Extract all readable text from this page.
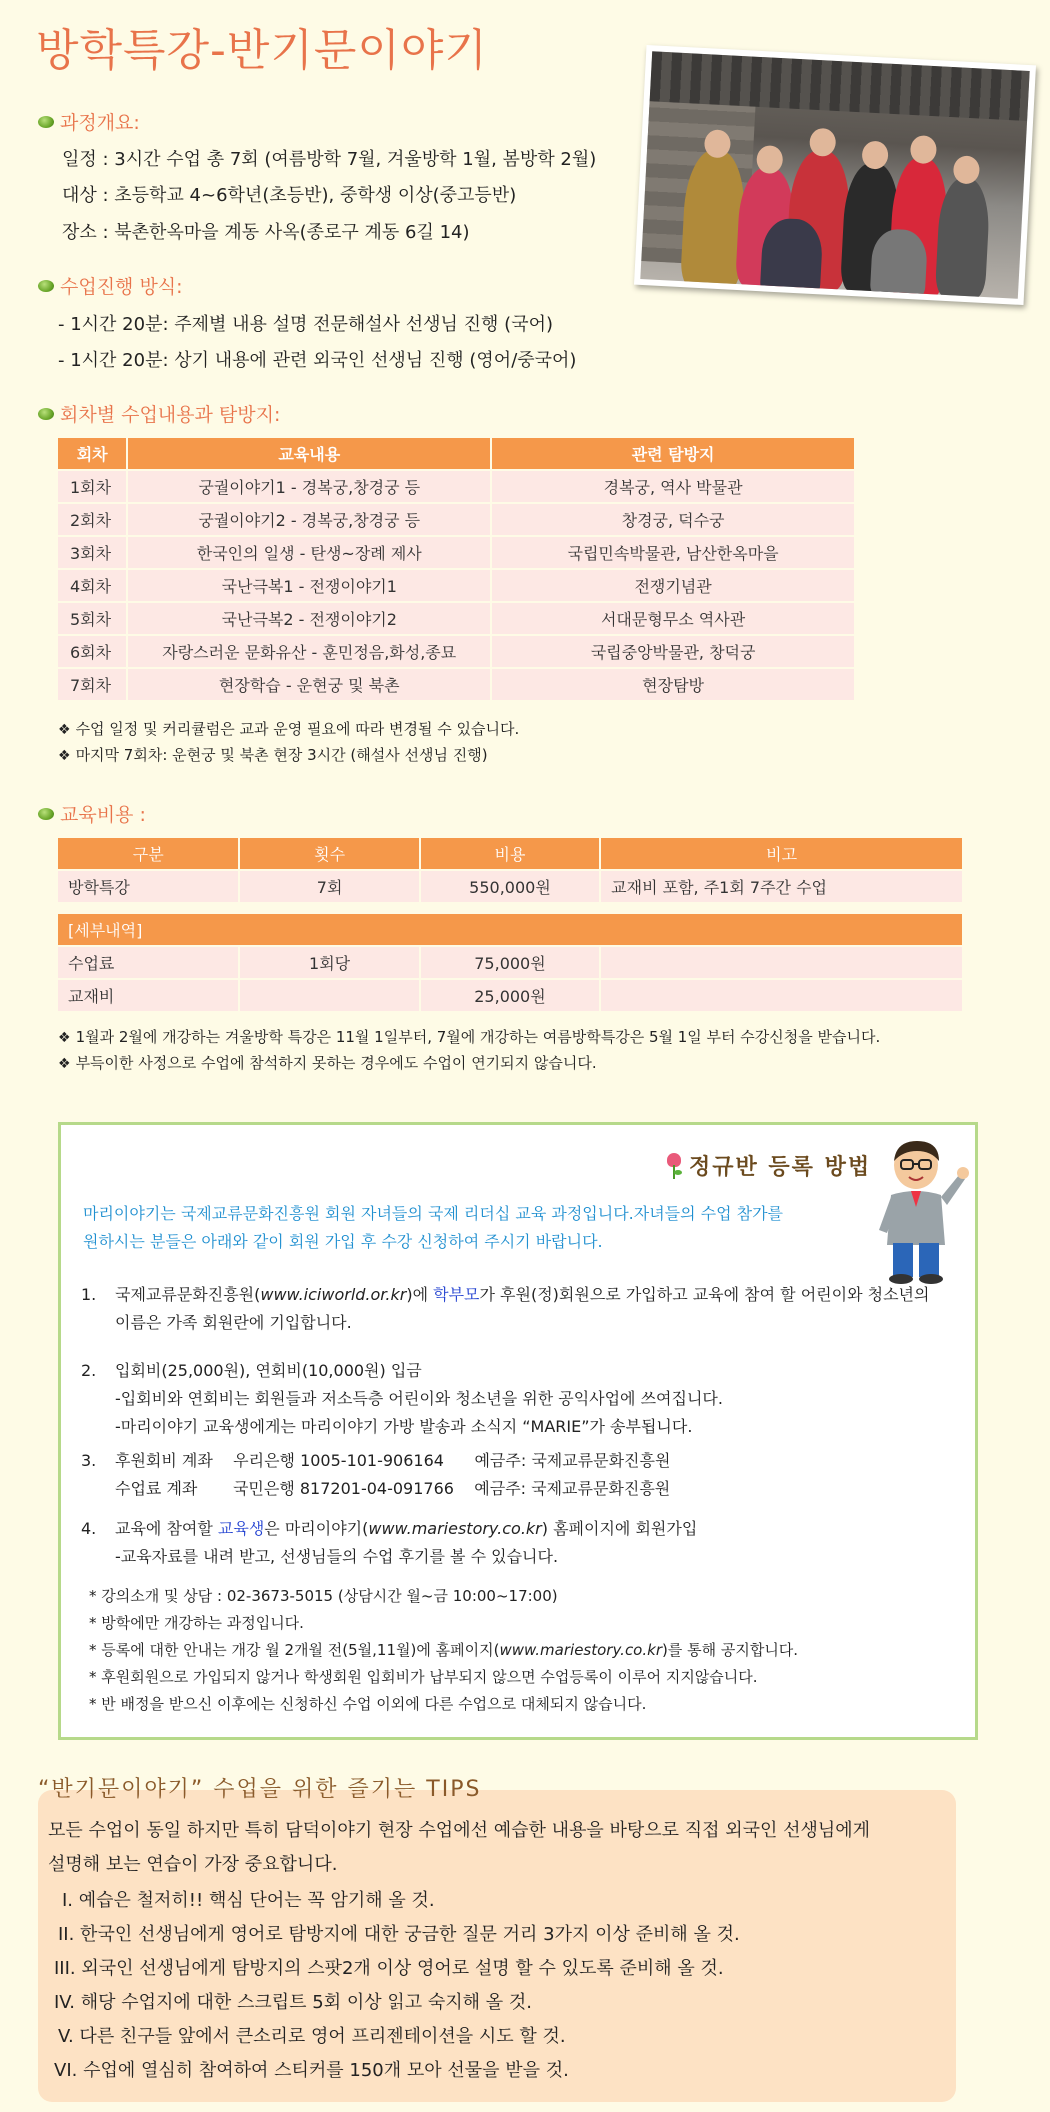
방학특강-반기문이야기
과정개요:
일정 : 3시간 수업 총 7회 (여름방학 7월, 겨울방학 1월, 봄방학 2월)
대상 : 초등학교 4~6학년(초등반), 중학생 이상(중고등반)
장소 : 북촌한옥마을 계동 사옥(종로구 계동 6길 14)
수업진행 방식:
- 1시간 20분: 주제별 내용 설명 전문해설사 선생님 진행 (국어)
- 1시간 20분: 상기 내용에 관련 외국인 선생님 진행 (영어/중국어)
회차별 수업내용과 탐방지:
회차	교육내용	관련 탐방지
1회차	궁궐이야기1 - 경복궁,창경궁 등	경복궁, 역사 박물관
2회차	궁궐이야기2 - 경복궁,창경궁 등	창경궁, 덕수궁
3회차	한국인의 일생 - 탄생~장례 제사	국립민속박물관, 남산한옥마을
4회차	국난극복1 - 전쟁이야기1	전쟁기념관
5회차	국난극복2 - 전쟁이야기2	서대문형무소 역사관
6회차	자랑스러운 문화유산 - 훈민정음,화성,종묘	국립중앙박물관, 창덕궁
7회차	현장학습 - 운현궁 및 북촌	현장탐방
❖ 수업 일정 및 커리큘럼은 교과 운영 필요에 따라 변경될 수 있습니다.
❖ 마지막 7회차: 운현궁 및 북촌 현장 3시간 (해설사 선생님 진행)
교육비용 :
구분	횟수	비용	비고
방학특강	7회	550,000원	교재비 포함, 주1회 7주간 수업

[세부내역]			
수업료	1회당	75,000원	
교재비		25,000원	
❖ 1월과 2월에 개강하는 겨울방학 특강은 11월 1일부터, 7월에 개강하는 여름방학특강은 5월 1일 부터 수강신청을 받습니다.
❖ 부득이한 사정으로 수업에 참석하지 못하는 경우에도 수업이 연기되지 않습니다.
정규반 등록 방법
마리이야기는 국제교류문화진흥원 회원 자녀들의 국제 리더십 교육 과정입니다.자녀들의 수업 참가를
원하시는 분들은 아래와 같이 회원 가입 후 수강 신청하여 주시기 바랍니다.
1. 국제교류문화진흥원(www.iciworld.or.kr)에 학부모가 후원(정)회원으로 가입하고 교육에 참여 할 어린이와 청소년의
이름은 가족 회원란에 기입합니다.
2. 입회비(25,000원), 연회비(10,000원) 입금
-입회비와 연회비는 회원들과 저소득층 어린이와 청소년을 위한 공익사업에 쓰여집니다.
-마리이야기 교육생에게는 마리이야기 가방 발송과 소식지 “MARIE”가 송부됩니다.
3. 후원회비 계좌    우리은행 1005-101-906164      예금주: 국제교류문화진흥원
수업료 계좌       국민은행 817201-04-091766    예금주: 국제교류문화진흥원
4. 교육에 참여할 교육생은 마리이야기(www.mariestory.co.kr) 홈페이지에 회원가입
-교육자료를 내려 받고, 선생님들의 수업 후기를 볼 수 있습니다.
* 강의소개 및 상담 : 02-3673-5015 (상담시간 월~금 10:00~17:00)
* 방학에만 개강하는 과정입니다.
* 등록에 대한 안내는 개강 월 2개월 전(5월,11월)에 홈페이지(www.mariestory.co.kr)를 통해 공지합니다.
* 후원회원으로 가입되지 않거나 학생회원 입회비가 납부되지 않으면 수업등록이 이루어 지지않습니다.
* 반 배정을 받으신 이후에는 신청하신 수업 이외에 다른 수업으로 대체되지 않습니다.
모든 수업이 동일 하지만 특히 담덕이야기 현장 수업에선 예습한 내용을 바탕으로 직접 외국인 선생님에게
설명해 보는 연습이 가장 중요합니다.
I. 예습은 철저히!! 핵심 단어는 꼭 암기해 올 것.
II. 한국인 선생님에게 영어로 탐방지에 대한 궁금한 질문 거리 3가지 이상 준비해 올 것.
III. 외국인 선생님에게 탐방지의 스팟2개 이상 영어로 설명 할 수 있도록 준비해 올 것.
IV. 해당 수업지에 대한 스크립트 5회 이상 읽고 숙지해 올 것.
V. 다른 친구들 앞에서 큰소리로 영어 프리젠테이션을 시도 할 것.
VI. 수업에 열심히 참여하여 스티커를 150개 모아 선물을 받을 것.
“반기문이야기” 수업을 위한 즐기는 TIPS
